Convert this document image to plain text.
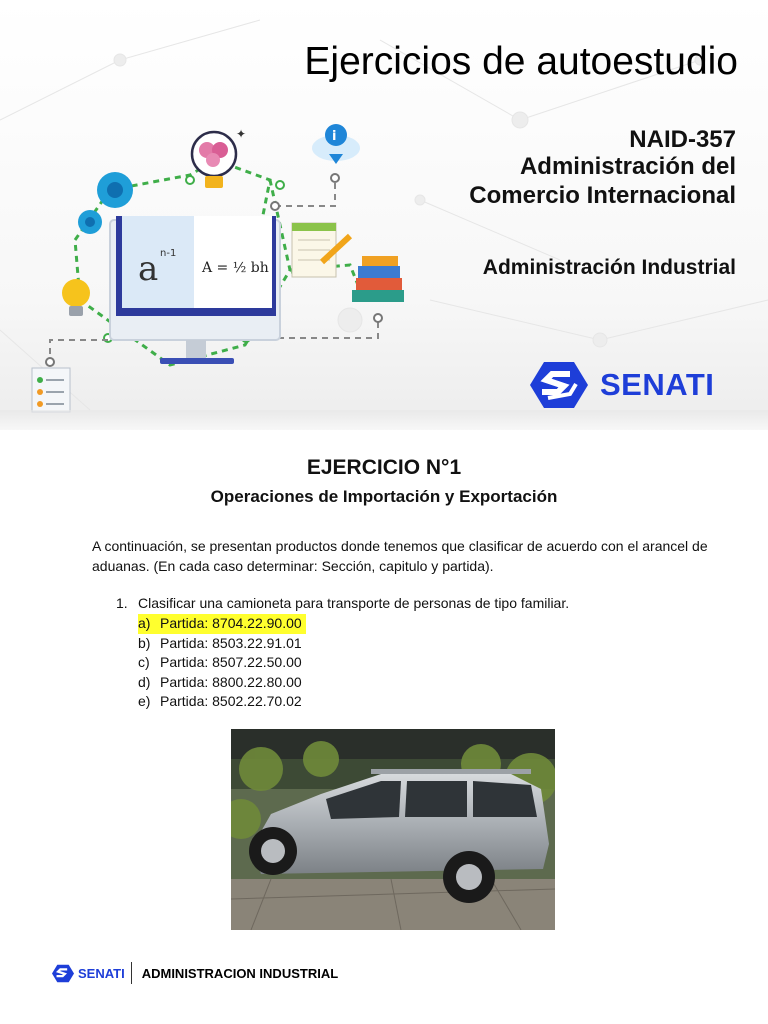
a n-1
A = ½ bh
✦	i
Ejercicios de autoestudio
NAID-357
Administración del
Comercio Internacional
Administración Industrial
SENATI
EJERCICIO N°1
Operaciones de Importación y Exportación

A continuación, se presentan productos donde tenemos que clasificar de acuerdo con el arancel de aduanas. (En cada caso determinar: Sección, capitulo y partida).

1. Clasificar una camioneta para transporte de personas de tipo familiar.
a) Partida: 8704.22.90.00
b) Partida: 8503.22.91.01
c) Partida: 8507.22.50.00
d) Partida: 8800.22.80.00
e) Partida: 8502.22.70.02
SENATI ADMINISTRACION INDUSTRIAL
